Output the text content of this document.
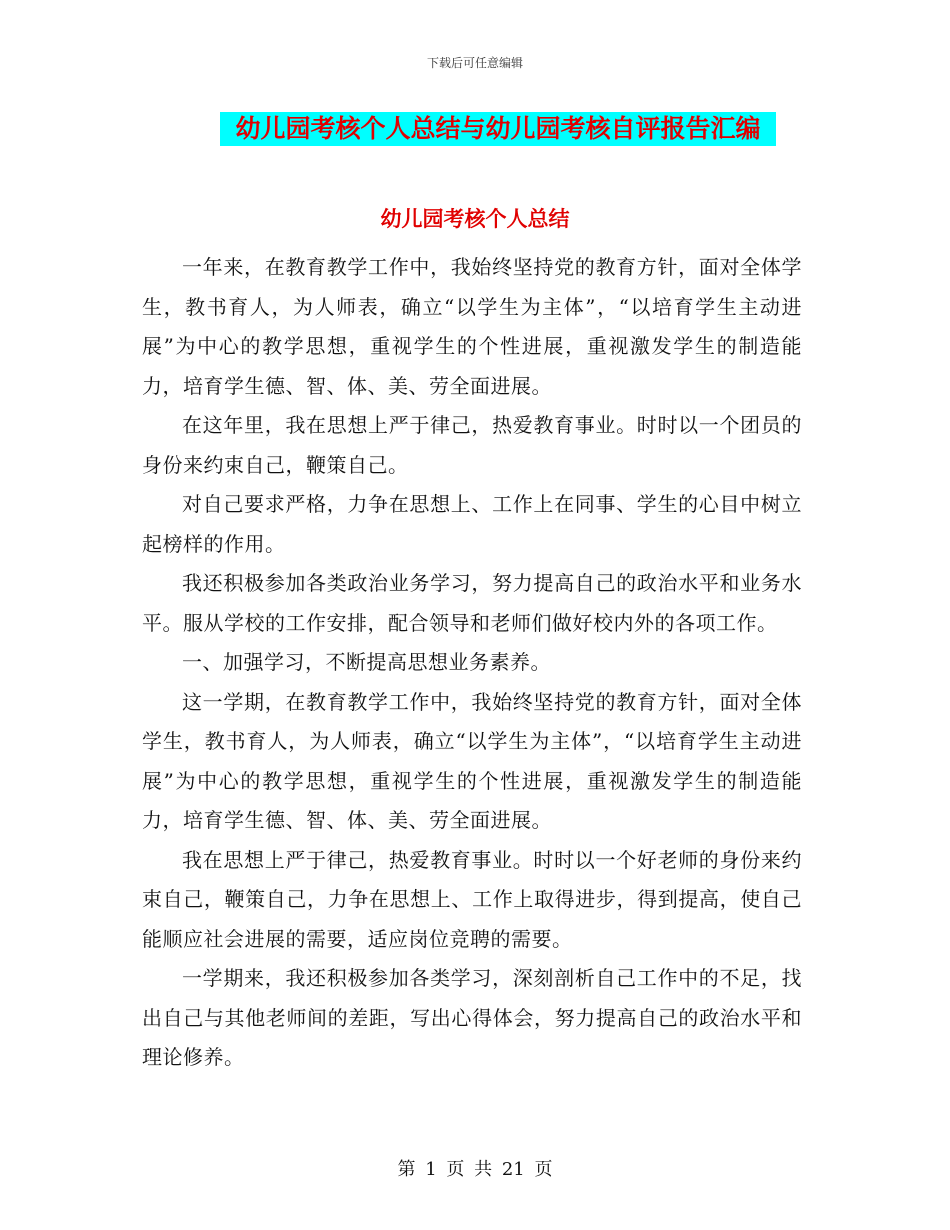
下载后可任意编辑
幼儿园考核个人总结与幼儿园考核自评报告汇编
幼儿园考核个人总结

一年来，在教育教学工作中，我始终坚持党的教育方针，面对全体学生，教书育人，为人师表，确立“以学生为主体”，“以培育学生主动进展”为中心的教学思想，重视学生的个性进展，重视激发学生的制造能力，培育学生德、智、体、美、劳全面进展。

在这年里，我在思想上严于律己，热爱教育事业。时时以一个团员的身份来约束自己，鞭策自己。

对自己要求严格，力争在思想上、工作上在同事、学生的心目中树立起榜样的作用。

我还积极参加各类政治业务学习，努力提高自己的政治水平和业务水平。服从学校的工作安排，配合领导和老师们做好校内外的各项工作。

一、加强学习，不断提高思想业务素养。

这一学期，在教育教学工作中，我始终坚持党的教育方针，面对全体学生，教书育人，为人师表，确立“以学生为主体”，“以培育学生主动进展”为中心的教学思想，重视学生的个性进展，重视激发学生的制造能力，培育学生德、智、体、美、劳全面进展。

我在思想上严于律己，热爱教育事业。时时以一个好老师的身份来约束自己，鞭策自己，力争在思想上、工作上取得进步，得到提高，使自己能顺应社会进展的需要，适应岗位竞聘的需要。

一学期来，我还积极参加各类学习，深刻剖析自己工作中的不足，找出自己与其他老师间的差距，写出心得体会，努力提高自己的政治水平和理论修养。

第 1 页 共 21 页
